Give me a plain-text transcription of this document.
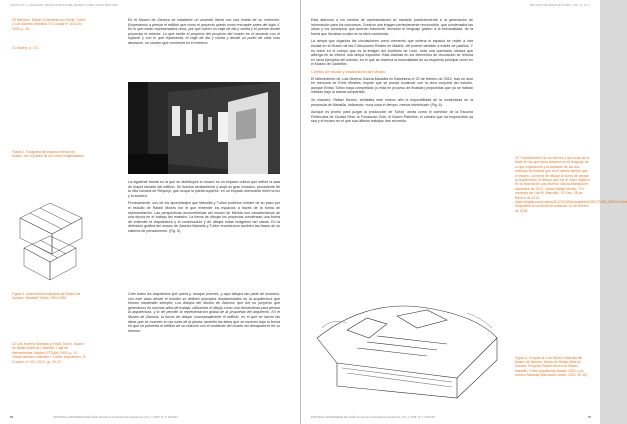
CAPÍTULO 1 | ALGUNAS TRAYECTORIAS DEL MUSEO COMO ARQUITECTURA
20 Martínez, Rafael. Entrevista con Emilio Tuñón y Luis Moreno Mansilla. El Croquis nº 115-116, 2003, p. 25.
21 Ibídem, p. 172.
En el Museo de Zamora se establece un acuerdo literal con una estela de su colección. Empezamos a pensar el edificio que como el proyecto quedó como encuadre antes del siglo V. En lo que están representados unos, por que hacen un viaje de ida y vuelta y el puente donde proyectar el exterior. Lo que incide el proyecto del proyecto del museo en el acuerdo con el espacio y con lo que representa, el viaje de ida y vuelta y desde un punto de vista más abstracto, un camino que comienza en el extremo.
Figura 3. Fotografía del espacio interior del museo, con el pasillo de los cortes longitudinales.

La siguiente banda en la que se distribuyen el museo es un espacio cúbico que define la sala de mayor tamaño del edificio. Se ilumina cenitalmente y aloja un gran mosaico, procedente de la villa romana de Requejo, que ocupa la planta superior: en un espacio dominante entre la luz y la sombra.

Precisamente, uno de los aprendizajes que Mansilla y Tuñón pudieron extraer de su paso por el estudio de Rafael Moneo fue el que entender los espacios a través de la forma de representación. Las perspectivas axonométricas del museo de Mérida son característicos de una época en el trabajo del maestro. La forma de dibujar los proyectos condensan una forma de entender la arquitectura y la construcción y de dibujar estas imágenes tan claras. En la definición gráfica del museo de Zamora Mansilla y Tuñón encontraron también las bases de su sistema de pensamiento. (Fig. 5).

Figura 4. Axonometría explotada del Museo de Zamora. Mansilla+Tuñón, 1993-1996.
Cree todos los arquitectos que opera y, aunque jóvenes, y aquí dibujos tan parte de nosotros, con este paso desde el estudio se definen principios fundamentales en la arquitectura que hemos mantenido siempre. Los dibujos del Museo de Zamora, que fue un proyecto que generamos en muchos años de trabajo, utilizamos el dibujo como una herramienta para pensar la arquitectura, y lo de permitir la representación global de la propuesta del arquitecto. En el Museo de Zamora, la forma de dibujar conceptualmente el edificio, en el que se hacen las ideas que se mueven en las rutas de la planta, también las ideas que se mueven bajo la forma en que se presenta el edificio de su relación con el ambiente del museo sin desaparecer en su entorno.
22 Luis Moreno Mansilla y Emilio Tuñón, Museo de Bellas Artes de Castellón. Caja de Herramientas, Madrid, ETSAM, 2003, p. 12. Véase también: Mansilla + Tuñón, Arquitectos, El Croquis, nº 161, 2012, pp. 20-23.
66	EDITORIAL UNIVERSIDAD DE LEÓN. Revista de la Facultad de Arquitectura | Vol. 1, 2018 | Nº 1 | 000-000
REVISTA DE ARQUITECTURA | VOL 1 | Nº 1

Esta atención a los medios de representación se trasladó posteriormente a la generación de información para los concursos. Crearon una imagen perfectamente reconocible, que condensaba las ideas y los conceptos que querían transmitir, llevando el lenguaje gráfico a la esencialidad, de la forma que llevaban a cabo en la obra construida.

La rampa que organiza las circulaciones como elemento que ordena el espacio se repite a otra escala en el Museo de las Colecciones Reales en Madrid, del puente también a través de pasillos. Y es clave en el cuerpo que es la imagen del Auditorio de León, toda una operación urbana que alberga en su interior una rampa expositor. Esta claridad en los elementos de circulación se retoma en otros ejemplos del estudio, en el que se observa la esencialidad de su esquema principal como en el Museo de Castellón.

Cambio de escala y visualización del Museo

El fallecimiento de Luis Moreno García-Mansilla en Barcelona el 22 de febrero de 2012, tras un acto en memoria de Enric Miralles, impide que se pueda continuar con la obra conjunta del estudio, aunque Emilio Tuñón haya completado (o está en proceso de finalizar) propuestas que ya se habían iniciado bajo la batuta compartida.

Su maestro, Rafael Moneo, señalaba este mismo año la imposibilidad de la continuidad en la presencia de Mansilla. Indicando: «una cosa el tiempo, menos intelectual» (Fig. 6).

Aunque es pronto para juzgar la producción de Tuñón, obras como el comedor de la Escuela Politécnica de Ciudad Real, la Fundación Zuhr, el Nuevo Pabellón, el camino que ha emprendido ya sea y el museo en el que sus últimos trabajos han recorrido.

23 "Incertidumbre de los viernes y las horas de la tarde en las que tanto miramos en el lenguaje de lo que explotamos y la situación de las dos historias de historia que es el mismo tiempo que el museo. La forma de dibujar la forma de pensar la arquitectura, el tiempo que fue el único objetivo. En la historia de Luis Moreno García-Mansilla en diciembre de 2012. Véase Rafael Moneo, "En memoria de Luis M. Mansilla", El País, 25 de febrero de 2012. https://elpais.com/cultura/2012/02/25/actualidad/1330179480_850215.html Disponible en la fecha de consulta: 12 de febrero de 2018.
Figura 6. Croquis de Luis Moreno Mansilla del Museo de Zamora. Museo de Bellas Artes de Zamora. Proyecto Rafael Moneo de Museo Mansilla, Tuñón Arquitectos Madrid, 2003. Luis Moreno Mansilla (Barcelona, Antón, 2003, 39-40).
EDITORIAL UNIVERSIDAD DE LEÓN. Revista de la Facultad de Arquitectura | Vol. 1, 2018 | Nº 1 | 000-000	67
